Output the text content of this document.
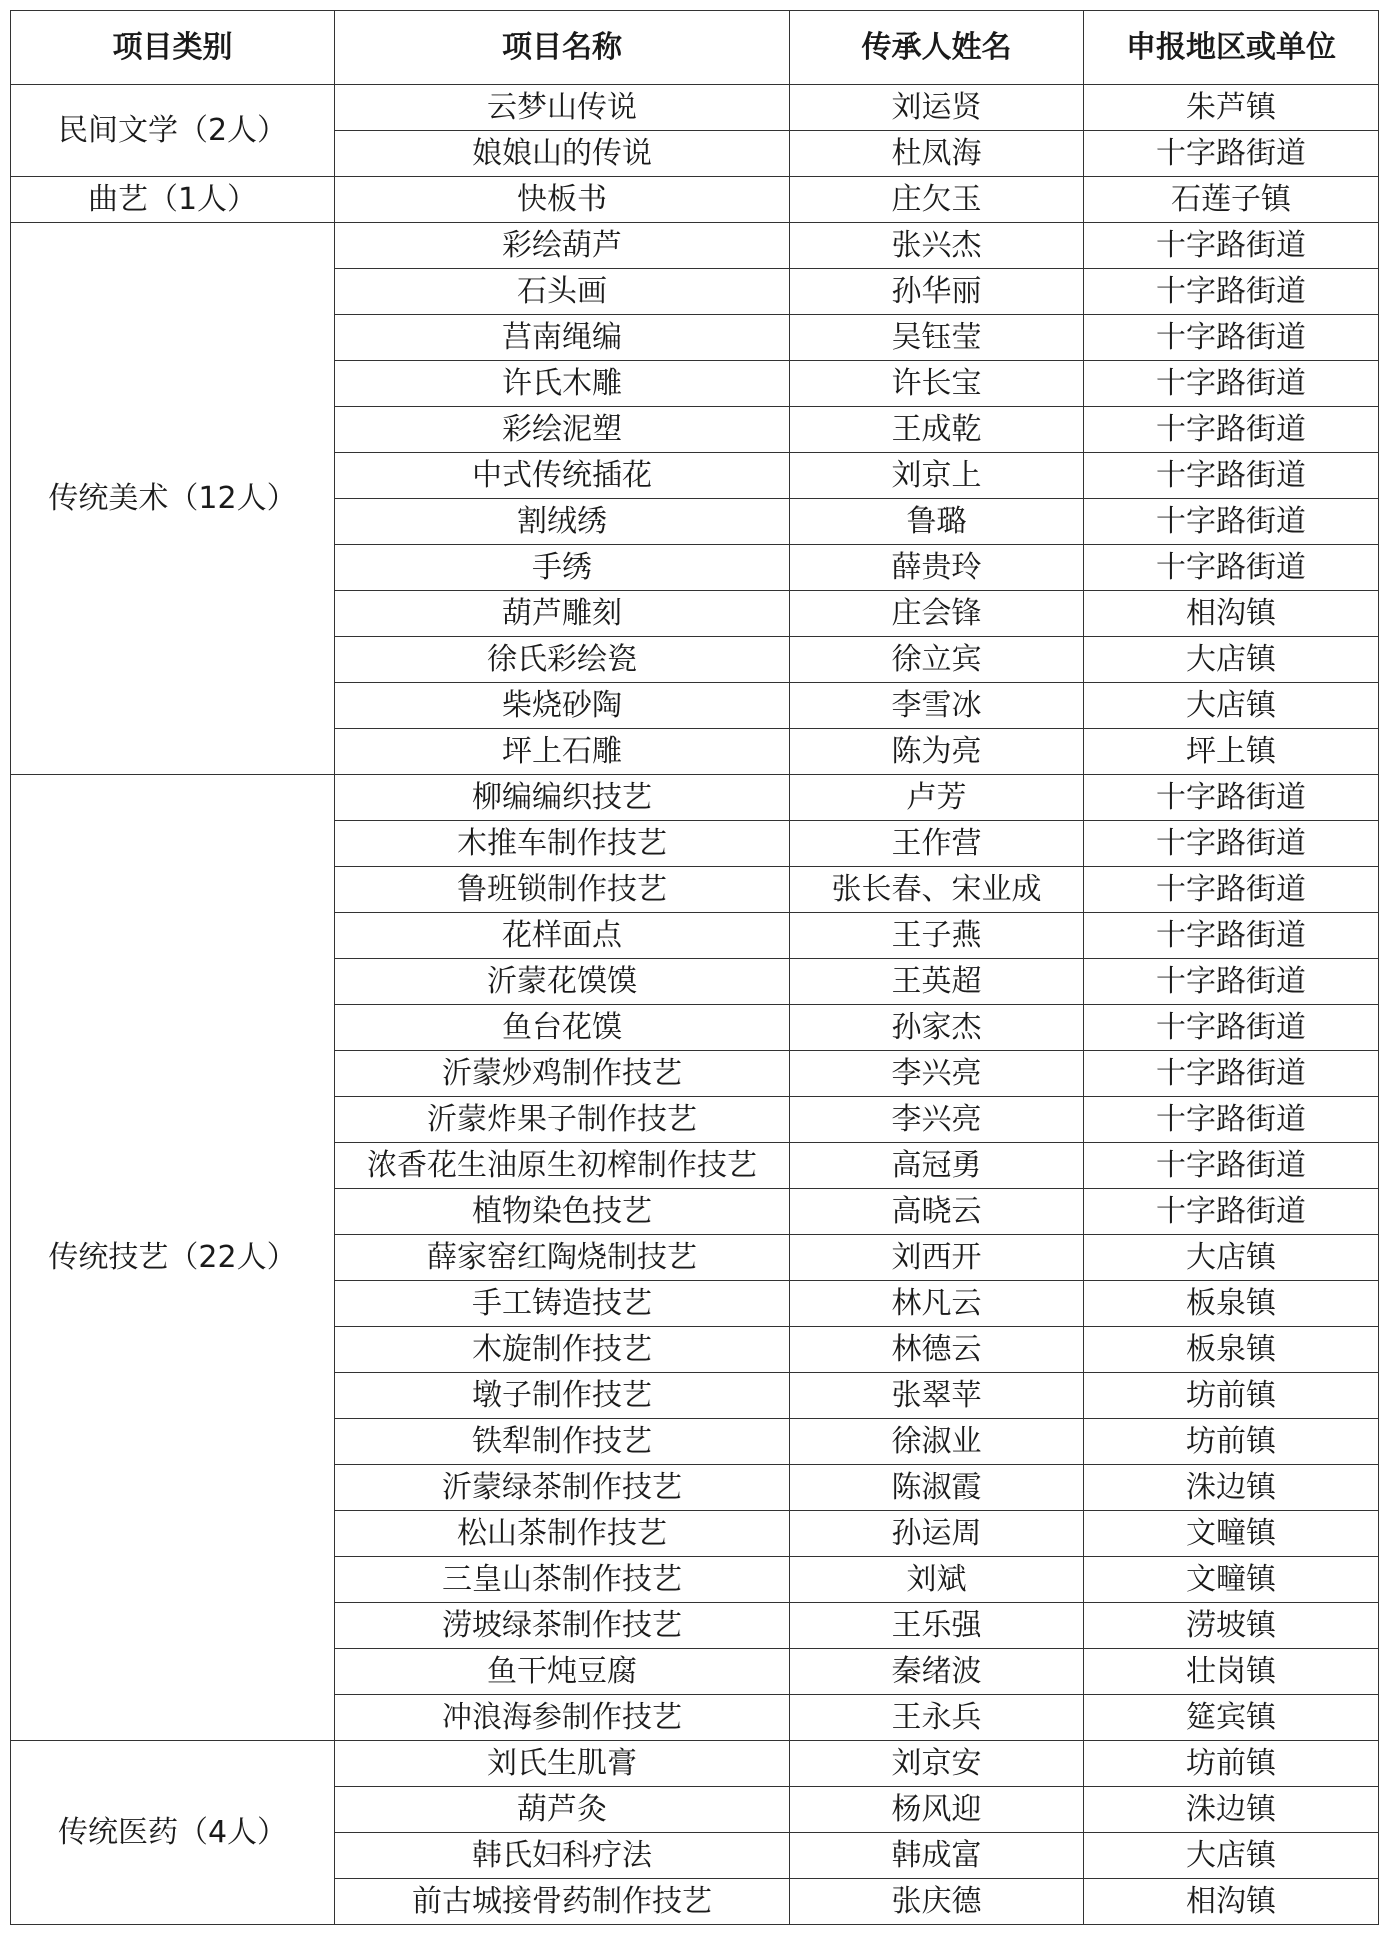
项目类别	项目名称	传承人姓名	申报地区或单位
民间文学（2人）	云梦山传说	刘运贤	朱芦镇
	娘娘山的传说	杜凤海	十字路街道
曲艺（1人）	快板书	庄欠玉	石莲子镇
传统美术（12人）	彩绘葫芦	张兴杰	十字路街道
	石头画	孙华丽	十字路街道
	莒南绳编	吴钰莹	十字路街道
	许氏木雕	许长宝	十字路街道
	彩绘泥塑	王成乾	十字路街道
	中式传统插花	刘京上	十字路街道
	割绒绣	鲁璐	十字路街道
	手绣	薛贵玲	十字路街道
	葫芦雕刻	庄会锋	相沟镇
	徐氏彩绘瓷	徐立宾	大店镇
	柴烧砂陶	李雪冰	大店镇
	坪上石雕	陈为亮	坪上镇
传统技艺（22人）	柳编编织技艺	卢芳	十字路街道
	木推车制作技艺	王作营	十字路街道
	鲁班锁制作技艺	张长春、宋业成	十字路街道
	花样面点	王子燕	十字路街道
	沂蒙花馍馍	王英超	十字路街道
	鱼台花馍	孙家杰	十字路街道
	沂蒙炒鸡制作技艺	李兴亮	十字路街道
	沂蒙炸果子制作技艺	李兴亮	十字路街道
	浓香花生油原生初榨制作技艺	高冠勇	十字路街道
	植物染色技艺	高晓云	十字路街道
	薛家窑红陶烧制技艺	刘西开	大店镇
	手工铸造技艺	林凡云	板泉镇
	木旋制作技艺	林德云	板泉镇
	墩子制作技艺	张翠苹	坊前镇
	铁犁制作技艺	徐淑业	坊前镇
	沂蒙绿茶制作技艺	陈淑霞	洙边镇
	松山茶制作技艺	孙运周	文疃镇
	三皇山茶制作技艺	刘斌	文疃镇
	涝坡绿茶制作技艺	王乐强	涝坡镇
	鱼干炖豆腐	秦绪波	壮岗镇
	冲浪海参制作技艺	王永兵	筵宾镇
传统医药（4人）	刘氏生肌膏	刘京安	坊前镇
	葫芦灸	杨风迎	洙边镇
	韩氏妇科疗法	韩成富	大店镇
	前古城接骨药制作技艺	张庆德	相沟镇
